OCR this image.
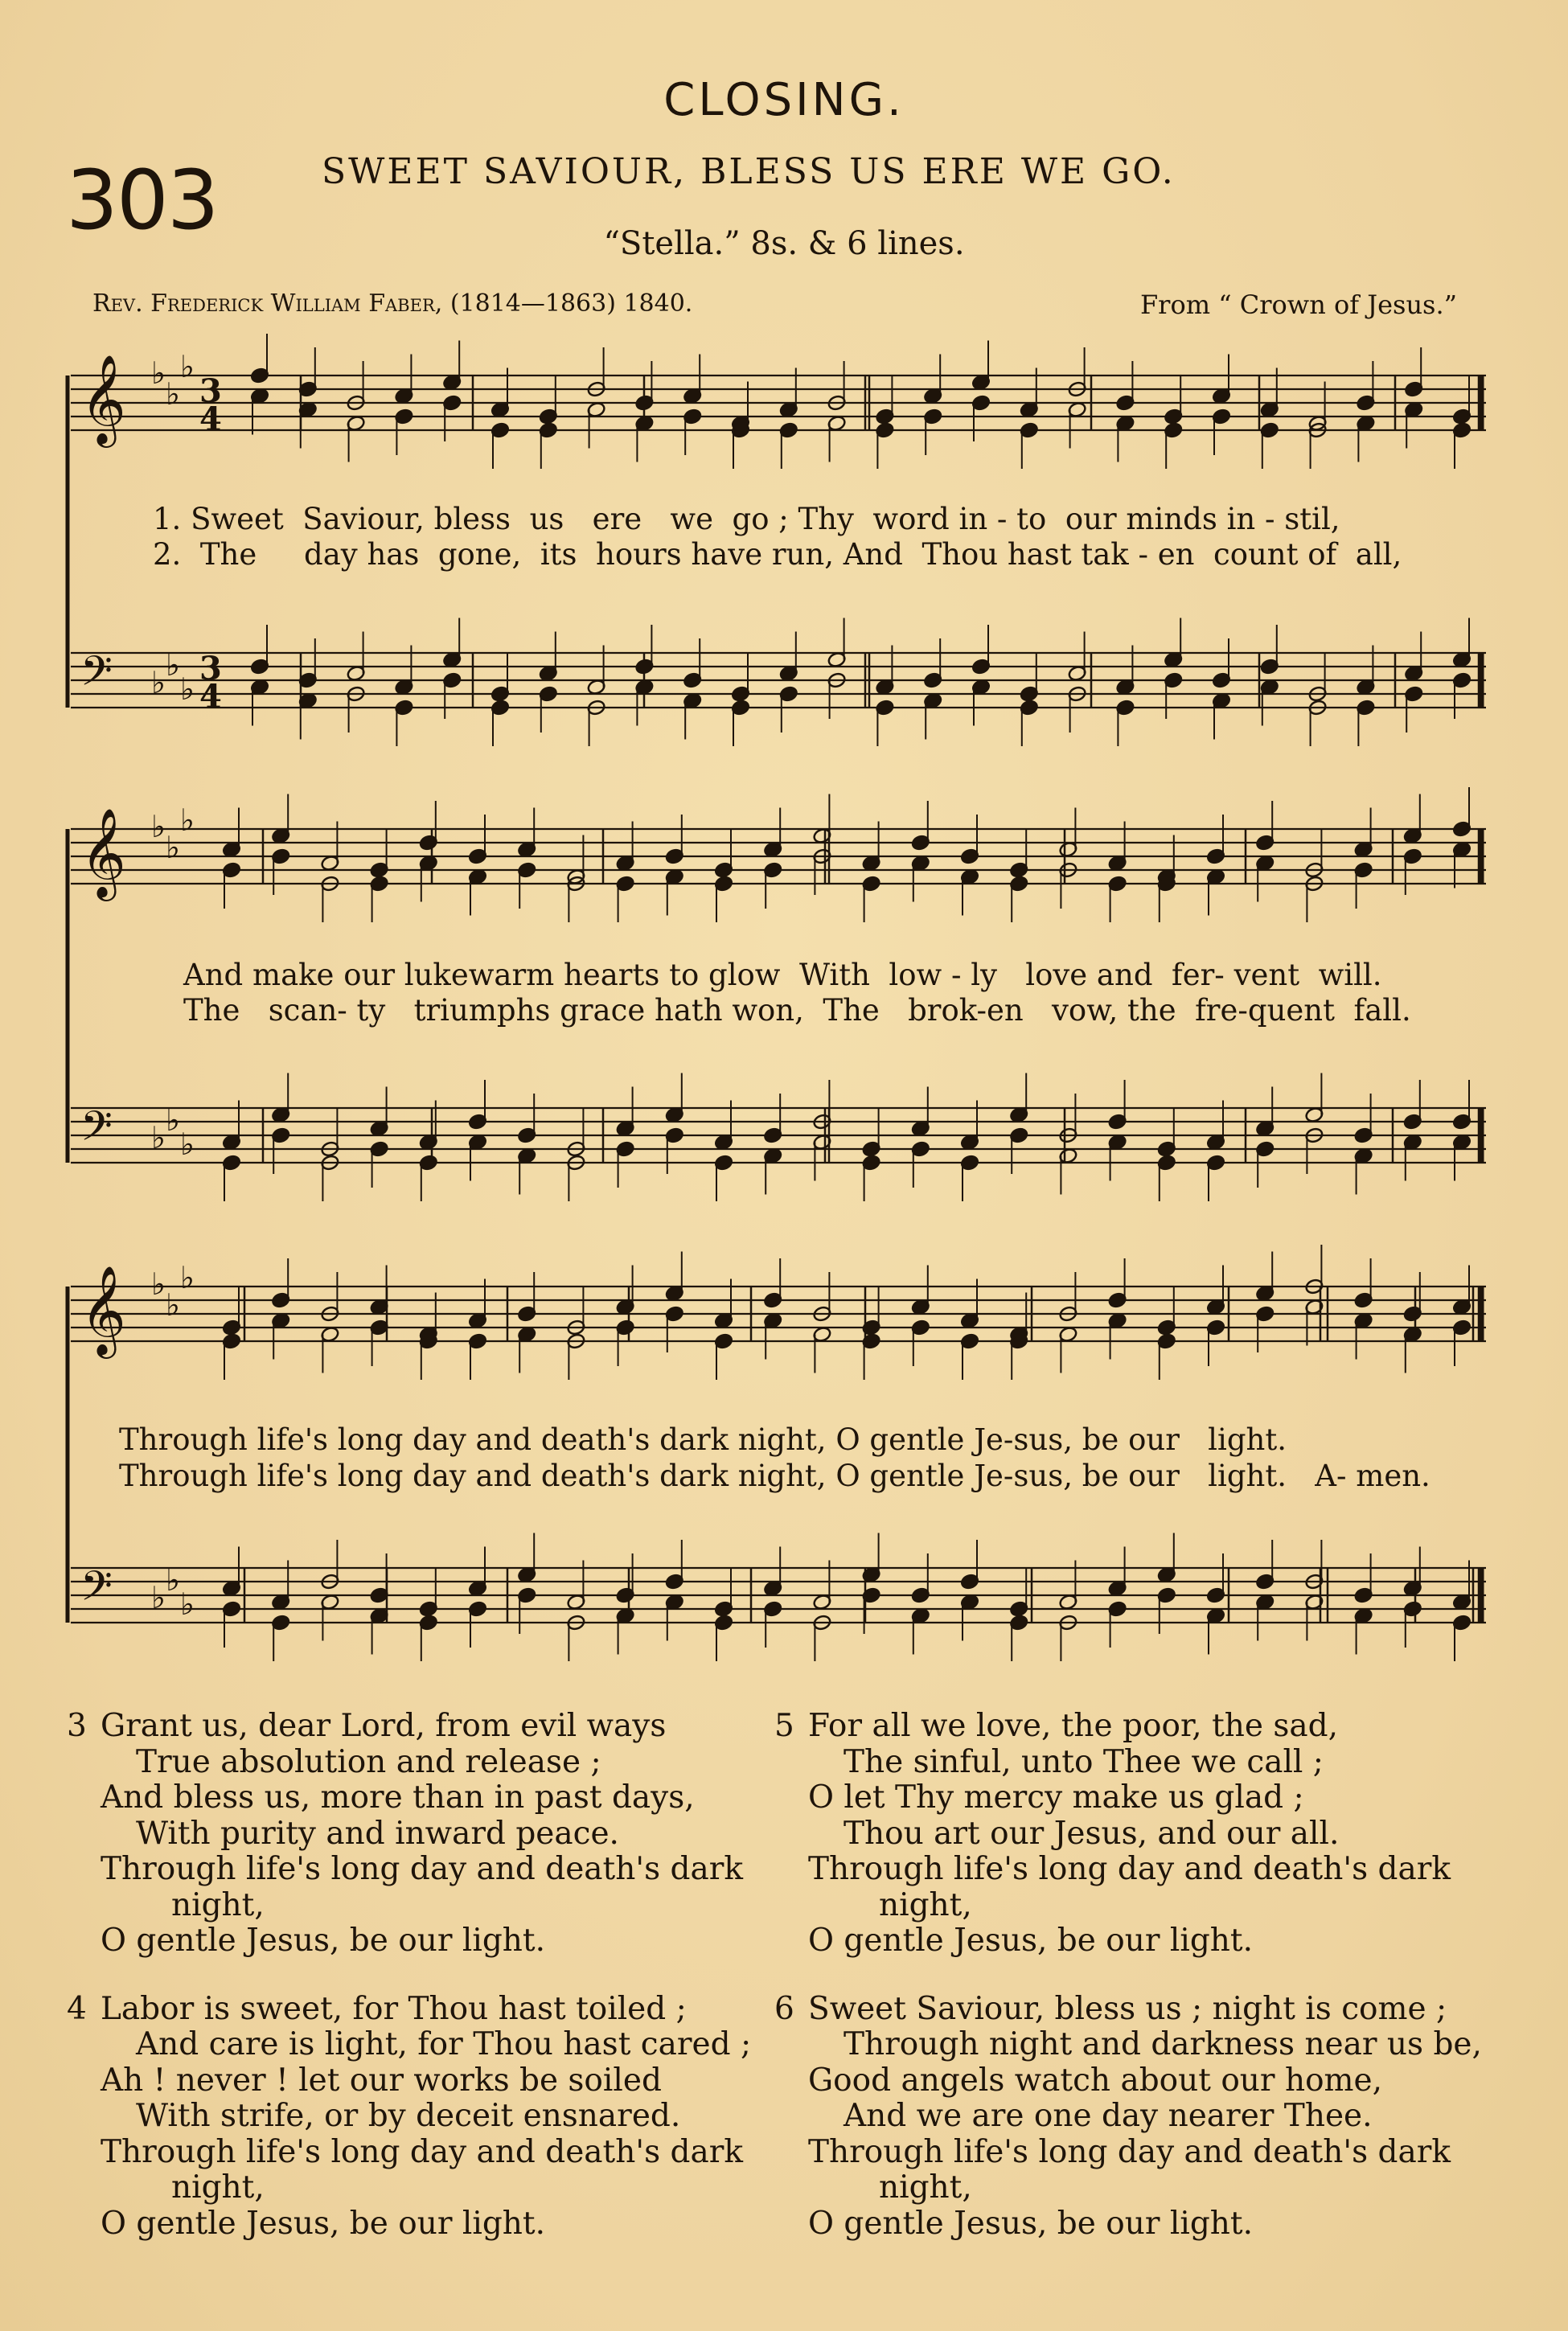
CLOSING.
303	SWEET SAVIOUR, BLESS US ERE WE GO.
“Stella.” 8s. & 6 lines.
Rev. Frederick William Faber, (1814—1863) 1840.	From “ Crown of Jesus.”
𝄞 ♭
♭
♭
3
4
𝄢 ♭ ♭
♭
3
4
𝄞 ♭
♭
♭
𝄢 ♭ ♭
♭
𝄞 ♭
♭
♭
𝄢 ♭ ♭
♭
1. Sweet  Saviour, bless  us   ere   we  go ; Thy  word in - to  our minds in - stil,
2.  The     day has  gone,  its  hours have run, And  Thou hast tak - en  count of  all,
And make our lukewarm hearts to glow  With  low - ly   love and  fer- vent  will.
The   scan- ty   triumphs grace hath won,  The   brok-en   vow, the  fre-quent  fall.
Through life's long day and death's dark night, O gentle Je-sus, be our   light.
Through life's long day and death's dark night, O gentle Je-sus, be our   light.   A- men.
3 Grant us, dear Lord, from evil ways
True absolution and release ;
And bless us, more than in past days,
With purity and inward peace.
Through life's long day and death's dark
night,
O gentle Jesus, be our light.
4 Labor is sweet, for Thou hast toiled ;
And care is light, for Thou hast cared ;
Ah ! never ! let our works be soiled
With strife, or by deceit ensnared.
Through life's long day and death's dark
night,
O gentle Jesus, be our light.
5 For all we love, the poor, the sad,
The sinful, unto Thee we call ;
O let Thy mercy make us glad ;
Thou art our Jesus, and our all.
Through life's long day and death's dark
night,
O gentle Jesus, be our light.
6 Sweet Saviour, bless us ; night is come ;
Through night and darkness near us be,
Good angels watch about our home,
And we are one day nearer Thee.
Through life's long day and death's dark
night,
O gentle Jesus, be our light.
